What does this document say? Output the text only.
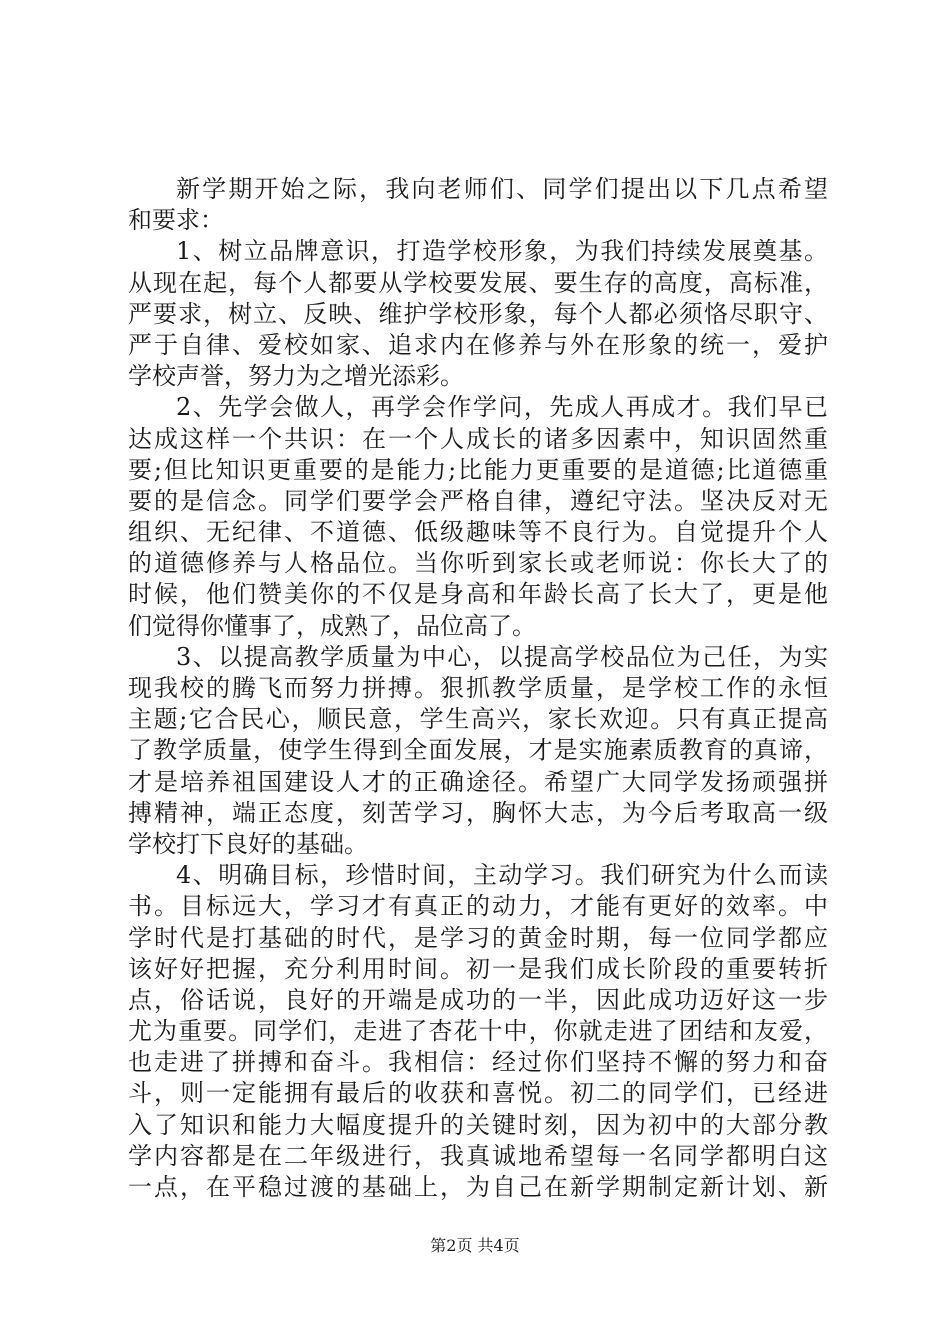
新学期开始之际，我向老师们、同学们提出以下几点希望
和要求：
1、树立品牌意识，打造学校形象，为我们持续发展奠基。
从现在起，每个人都要从学校要发展、要生存的高度，高标准，
严要求，树立、反映、维护学校形象，每个人都必须恪尽职守、
严于自律、爱校如家、追求内在修养与外在形象的统一，爱护
学校声誉，努力为之增光添彩。
2、先学会做人，再学会作学问，先成人再成才。我们早已
达成这样一个共识：在一个人成长的诸多因素中，知识固然重
要;但比知识更重要的是能力;比能力更重要的是道德;比道德重
要的是信念。同学们要学会严格自律，遵纪守法。坚决反对无
组织、无纪律、不道德、低级趣味等不良行为。自觉提升个人
的道德修养与人格品位。当你听到家长或老师说：你长大了的
时候，他们赞美你的不仅是身高和年龄长高了长大了，更是他
们觉得你懂事了，成熟了，品位高了。
3、以提高教学质量为中心，以提高学校品位为己任，为实
现我校的腾飞而努力拼搏。狠抓教学质量，是学校工作的永恒
主题;它合民心，顺民意，学生高兴，家长欢迎。只有真正提高
了教学质量，使学生得到全面发展，才是实施素质教育的真谛，
才是培养祖国建设人才的正确途径。希望广大同学发扬顽强拼
搏精神，端正态度，刻苦学习，胸怀大志，为今后考取高一级
学校打下良好的基础。
4、明确目标，珍惜时间，主动学习。我们研究为什么而读
书。目标远大，学习才有真正的动力，才能有更好的效率。中
学时代是打基础的时代，是学习的黄金时期，每一位同学都应
该好好把握，充分利用时间。初一是我们成长阶段的重要转折
点，俗话说，良好的开端是成功的一半，因此成功迈好这一步
尤为重要。同学们，走进了杏花十中，你就走进了团结和友爱，
也走进了拼搏和奋斗。我相信：经过你们坚持不懈的努力和奋
斗，则一定能拥有最后的收获和喜悦。初二的同学们，已经进
入了知识和能力大幅度提升的关键时刻，因为初中的大部分教
学内容都是在二年级进行，我真诚地希望每一名同学都明白这
一点，在平稳过渡的基础上，为自己在新学期制定新计划、新
第2页 共4页
